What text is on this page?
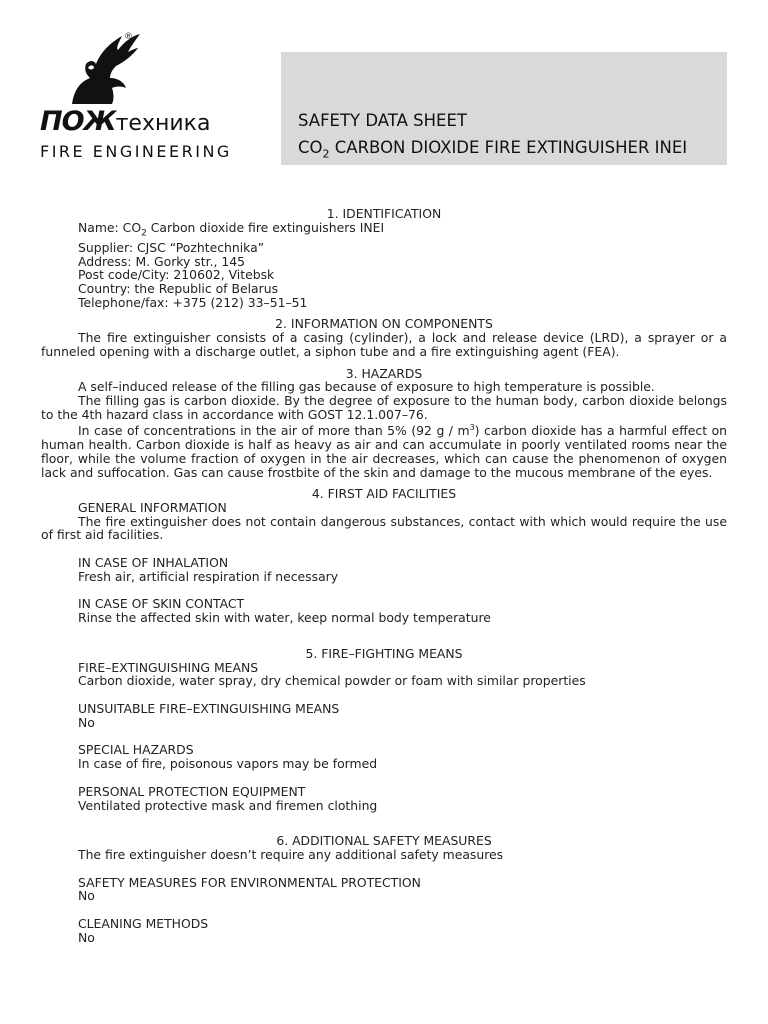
®
ПОЖтехника
FIRE ENGINEERING
SAFETY DATA SHEET
$CO_2$ CARBON DIOXIDE FIRE EXTINGUISHER INEI

1. IDENTIFICATION

Name: $CO_2$ Carbon dioxide fire extinguishers INEI

Supplier: CJSC “Pozhtechnika”

Address: M. Gorky str., 145

Post code/City: 210602, Vitebsk

Country: the Republic of Belarus

Telephone/fax: +375 (212) 33–51–51

2. INFORMATION ON COMPONENTS

The fire extinguisher consists of a casing (cylinder), a lock and release device (LRD), a sprayer or a funneled opening with a discharge outlet, a siphon tube and a fire extinguishing agent (FEA).

3. HAZARDS

A self–induced release of the filling gas because of exposure to high temperature is possible.

The filling gas is carbon dioxide. By the degree of exposure to the human body, carbon dioxide belongs to the 4th hazard class in accordance with GOST 12.1.007–76.

In case of concentrations in the air of more than 5% (92 g / $m^3$) carbon dioxide has a harmful effect on human health. Carbon dioxide is half as heavy as air and can accumulate in poorly ventilated rooms near the floor, while the volume fraction of oxygen in the air decreases, which can cause the phenomenon of oxygen lack and suffocation. Gas can cause frostbite of the skin and damage to the mucous membrane of the eyes.

4. FIRST AID FACILITIES

GENERAL INFORMATION

The fire extinguisher does not contain dangerous substances, contact with which would require the use of first aid facilities.

IN CASE OF INHALATION

Fresh air, artificial respiration if necessary

IN CASE OF SKIN CONTACT

Rinse the affected skin with water, keep normal body temperature

5. FIRE–FIGHTING MEANS

FIRE–EXTINGUISHING MEANS

Carbon dioxide, water spray, dry chemical powder or foam with similar properties

UNSUITABLE FIRE–EXTINGUISHING MEANS

No

SPECIAL HAZARDS

In case of fire, poisonous vapors may be formed

PERSONAL PROTECTION EQUIPMENT

Ventilated protective mask and firemen clothing

6. ADDITIONAL SAFETY MEASURES

The fire extinguisher doesn’t require any additional safety measures

SAFETY MEASURES FOR ENVIRONMENTAL PROTECTION

No

CLEANING METHODS

No
